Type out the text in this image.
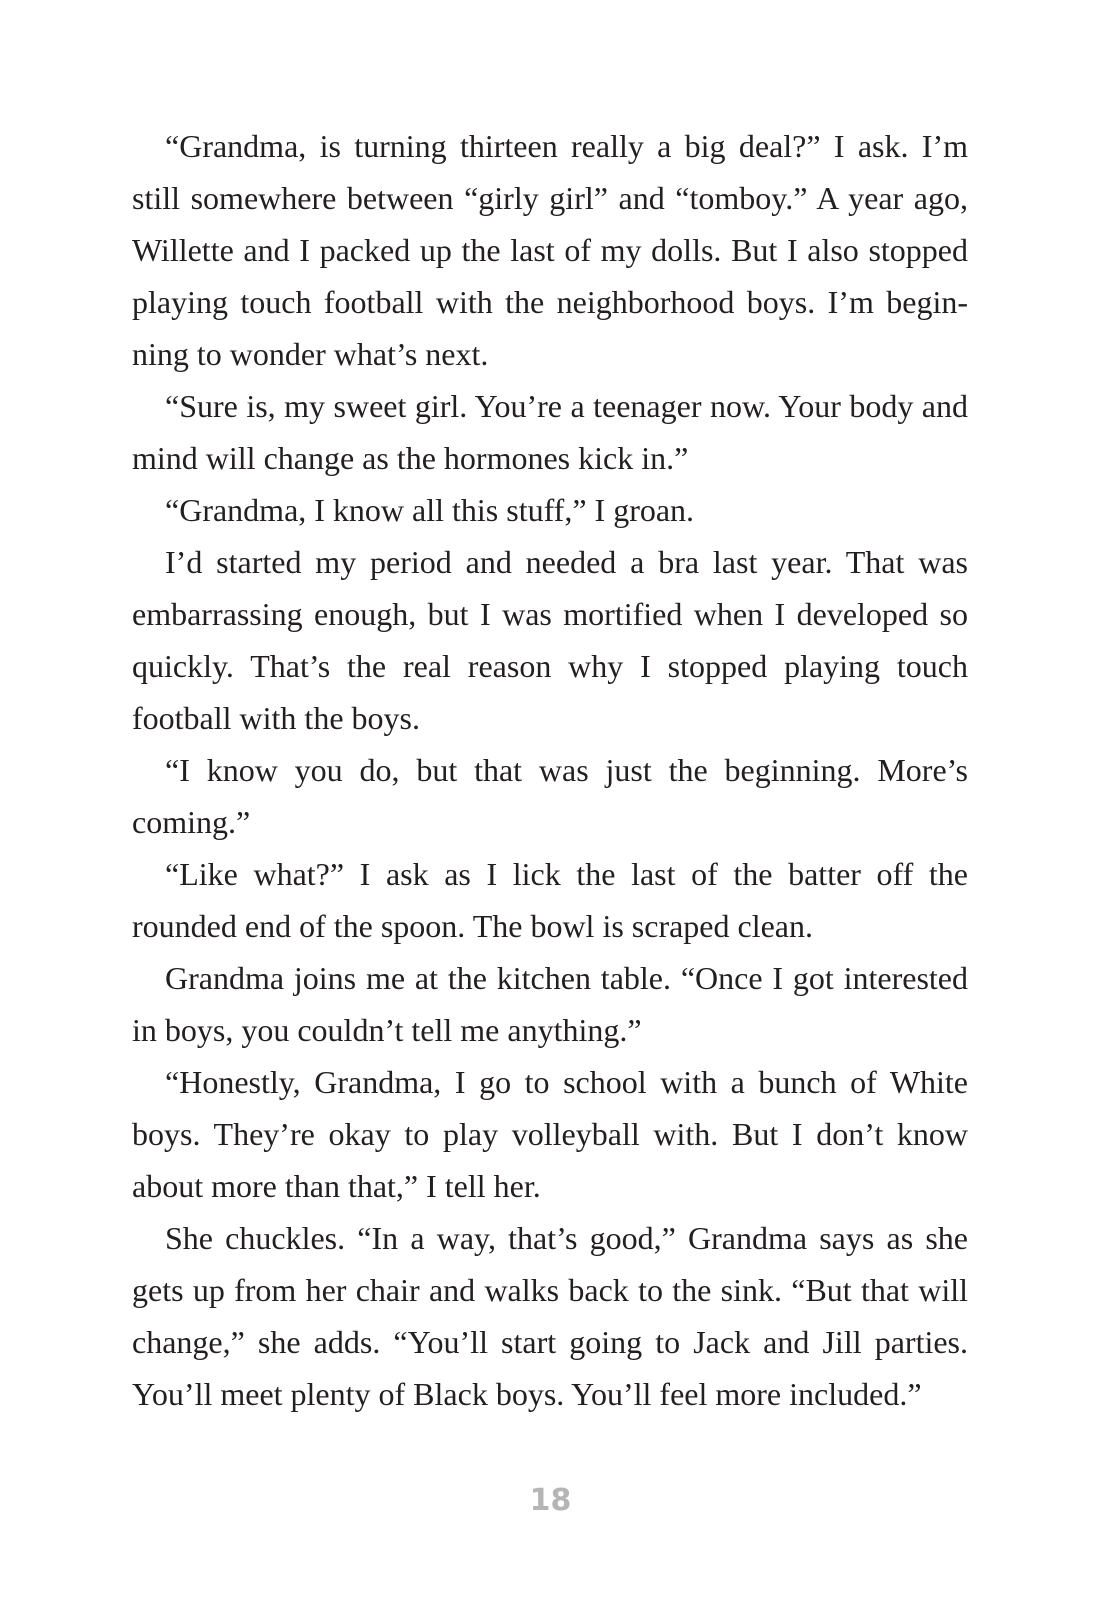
“Grandma, is turning thirteen really a big deal?” I ask. I’m still somewhere between “girly girl” and “tomboy.” A year ago, Willette and I packed up the last of my dolls. But I also stopped playing touch football with the neighborhood boys. I’m beginning to wonder what’s next.

“Sure is, my sweet girl. You’re a teenager now. Your body and mind will change as the hormones kick in.”

“Grandma, I know all this stuff,” I groan.

I’d started my period and needed a bra last year. That was embarrassing enough, but I was mortified when I developed so quickly. That’s the real reason why I stopped playing touch football with the boys.

“I know you do, but that was just the beginning. More’s coming.”

“Like what?” I ask as I lick the last of the batter off the rounded end of the spoon. The bowl is scraped clean.

Grandma joins me at the kitchen table. “Once I got interested in boys, you couldn’t tell me anything.”

“Honestly, Grandma, I go to school with a bunch of White boys. They’re okay to play volleyball with. But I don’t know about more than that,” I tell her.

She chuckles. “In a way, that’s good,” Grandma says as she gets up from her chair and walks back to the sink. “But that will change,” she adds. “You’ll start going to Jack and Jill parties. You’ll meet plenty of Black boys. You’ll feel more included.”

18
